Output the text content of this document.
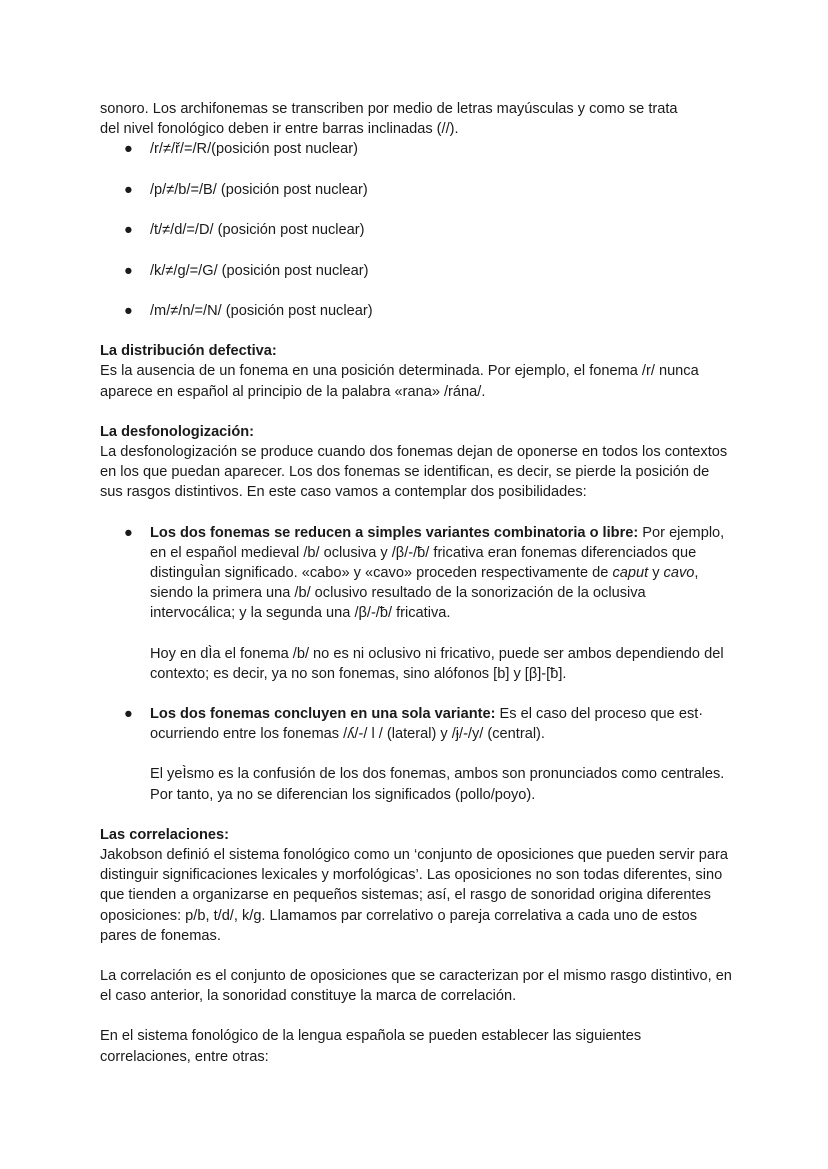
sonoro. Los archifonemas se transcriben por medio de letras mayúsculas y como se trata
del nivel fonológico deben ir entre barras inclinadas (//).

● /r/≠/ř/=/R/(posición post nuclear)
● /p/≠/b/=/B/ (posición post nuclear)
● /t/≠/d/=/D/ (posición post nuclear)
● /k/≠/g/=/G/ (posición post nuclear)
● /m/≠/n/=/N/ (posición post nuclear)

La distribución defectiva:

Es la ausencia de un fonema en una posición determinada. Por ejemplo, el fonema /r/ nunca aparece en español al principio de la palabra «rana» /rána/.

La desfonologización:

La desfonologización se produce cuando dos fonemas dejan de oponerse en todos los contextos en los que puedan aparecer. Los dos fonemas se identifican, es decir, se pierde la posición de sus rasgos distintivos. En este caso vamos a contemplar dos posibilidades:

● Los dos fonemas se reducen a simples variantes combinatoria o libre: Por ejemplo, en el español medieval /b/ oclusiva y /β/-/ƀ/ fricativa eran fonemas diferenciados que distinguÌan significado. «cabo» y «cavo» proceden respectivamente de caput y cavo, siendo la primera una /b/ oclusivo resultado de la sonorización de la oclusiva intervocálica; y la segunda una /β/-/ƀ/ fricativa.

Hoy en dÌa el fonema /b/ no es ni oclusivo ni fricativo, puede ser ambos dependiendo del contexto; es decir, ya no son fonemas, sino alófonos [b] y [β]-[ƀ].

● Los dos fonemas concluyen en una sola variante: Es el caso del proceso que est· ocurriendo entre los fonemas /ʎ/-/ l / (lateral) y /ɉ/-/y/ (central).

El yeÌsmo es la confusión de los dos fonemas, ambos son pronunciados como centrales. Por tanto, ya no se diferencian los significados (pollo/poyo).

Las correlaciones:

Jakobson definió el sistema fonológico como un ‘conjunto de oposiciones que pueden servir para distinguir significaciones lexicales y morfológicas’. Las oposiciones no son todas diferentes, sino que tienden a organizarse en pequeños sistemas; así, el rasgo de sonoridad origina diferentes oposiciones: p/b, t/d/, k/g. Llamamos par correlativo o pareja correlativa a cada uno de estos pares de fonemas.

La correlación es el conjunto de oposiciones que se caracterizan por el mismo rasgo distintivo, en el caso anterior, la sonoridad constituye la marca de correlación.

En el sistema fonológico de la lengua española se pueden establecer las siguientes correlaciones, entre otras:
